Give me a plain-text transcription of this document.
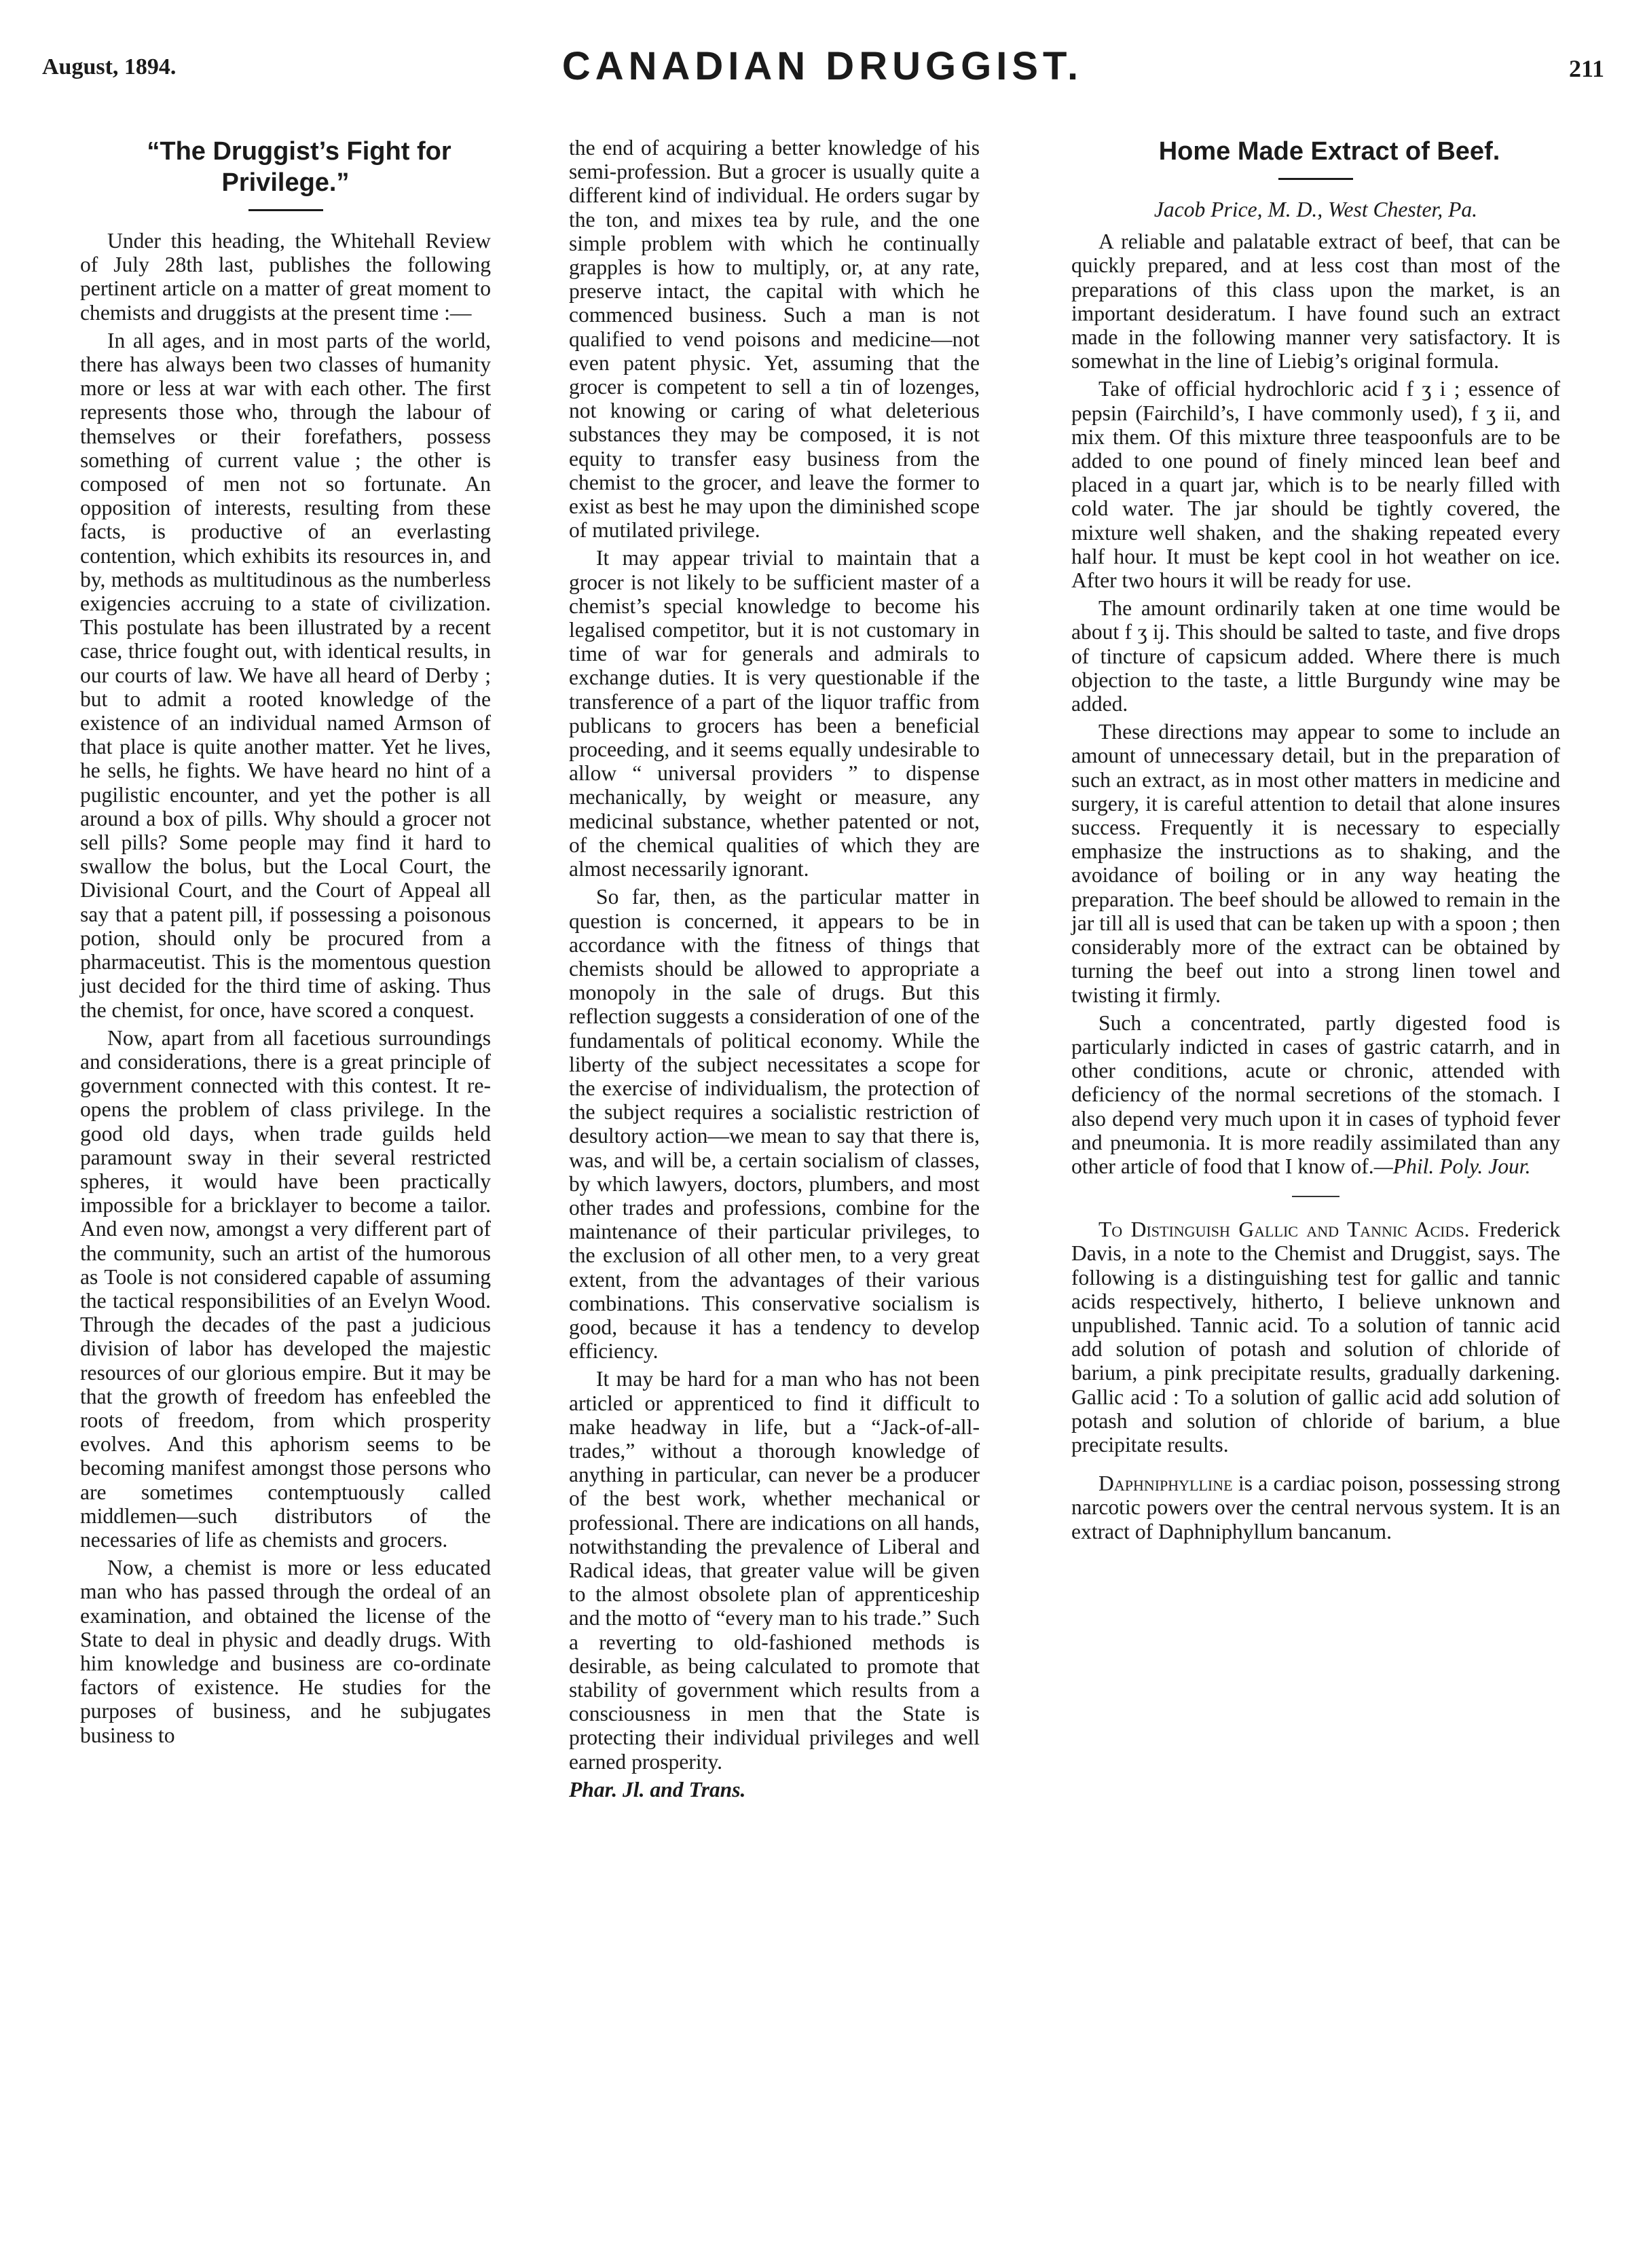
August, 1894.	CANADIAN DRUGGIST.	211

“The Druggist’s Fight for Privilege.”

Under this heading, the Whitehall Review of July 28th last, publishes the following pertinent article on a matter of great moment to chemists and druggists at the present time :—

In all ages, and in most parts of the world, there has always been two classes of humanity more or less at war with each other. The first represents those who, through the labour of themselves or their forefathers, possess something of current value ; the other is composed of men not so fortunate. An opposition of interests, resulting from these facts, is productive of an everlasting contention, which exhibits its resources in, and by, methods as multitudinous as the numberless exigencies accruing to a state of civilization. This postulate has been illustrated by a recent case, thrice fought out, with identical results, in our courts of law. We have all heard of Derby ; but to admit a rooted knowledge of the existence of an individual named Armson of that place is quite another matter. Yet he lives, he sells, he fights. We have heard no hint of a pugilistic encounter, and yet the pother is all around a box of pills. Why should a grocer not sell pills? Some people may find it hard to swallow the bolus, but the Local Court, the Divisional Court, and the Court of Appeal all say that a patent pill, if possessing a poisonous potion, should only be procured from a pharmaceutist. This is the momentous question just decided for the third time of asking. Thus the chemist, for once, have scored a conquest.

Now, apart from all facetious surroundings and considerations, there is a great principle of government connected with this contest. It re-opens the problem of class privilege. In the good old days, when trade guilds held paramount sway in their several restricted spheres, it would have been practically impossible for a bricklayer to become a tailor. And even now, amongst a very different part of the community, such an artist of the humorous as Toole is not considered capable of assuming the tactical responsibilities of an Evelyn Wood. Through the decades of the past a judicious division of labor has developed the majestic resources of our glorious empire. But it may be that the growth of freedom has enfeebled the roots of freedom, from which prosperity evolves. And this aphorism seems to be becoming manifest amongst those persons who are sometimes contemptuously called middlemen—such distributors of the necessaries of life as chemists and grocers.

Now, a chemist is more or less educated man who has passed through the ordeal of an examination, and obtained the license of the State to deal in physic and deadly drugs. With him knowledge and business are co-ordinate factors of existence. He studies for the purposes of business, and he subjugates business to

the end of acquiring a better knowledge of his semi-profession. But a grocer is usually quite a different kind of individual. He orders sugar by the ton, and mixes tea by rule, and the one simple problem with which he continually grapples is how to multiply, or, at any rate, preserve intact, the capital with which he commenced business. Such a man is not qualified to vend poisons and medicine—not even patent physic. Yet, assuming that the grocer is competent to sell a tin of lozenges, not knowing or caring of what deleterious substances they may be composed, it is not equity to transfer easy business from the chemist to the grocer, and leave the former to exist as best he may upon the diminished scope of mutilated privilege.

It may appear trivial to maintain that a grocer is not likely to be sufficient master of a chemist’s special knowledge to become his legalised competitor, but it is not customary in time of war for generals and admirals to exchange duties. It is very questionable if the transference of a part of the liquor traffic from publicans to grocers has been a beneficial proceeding, and it seems equally undesirable to allow “ universal providers ” to dispense mechanically, by weight or measure, any medicinal substance, whether patented or not, of the chemical qualities of which they are almost necessarily ignorant.

So far, then, as the particular matter in question is concerned, it appears to be in accordance with the fitness of things that chemists should be allowed to appropriate a monopoly in the sale of drugs. But this reflection suggests a consideration of one of the fundamentals of political economy. While the liberty of the subject necessitates a scope for the exercise of individualism, the protection of the subject requires a socialistic restriction of desultory action—we mean to say that there is, was, and will be, a certain socialism of classes, by which lawyers, doctors, plumbers, and most other trades and professions, combine for the maintenance of their particular privileges, to the exclusion of all other men, to a very great extent, from the advantages of their various combinations. This conservative socialism is good, because it has a tendency to develop efficiency.

It may be hard for a man who has not been articled or apprenticed to find it difficult to make headway in life, but a “Jack-of-all-trades,” without a thorough knowledge of anything in particular, can never be a producer of the best work, whether mechanical or professional. There are indications on all hands, notwithstanding the prevalence of Liberal and Radical ideas, that greater value will be given to the almost obsolete plan of apprenticeship and the motto of “every man to his trade.” Such a reverting to old-fashioned methods is desirable, as being calculated to promote that stability of government which results from a consciousness in men that the State is protecting their individual privileges and well earned prosperity.

Phar. Jl. and Trans.

Home Made Extract of Beef.

Jacob Price, M. D., West Chester, Pa.

A reliable and palatable extract of beef, that can be quickly prepared, and at less cost than most of the preparations of this class upon the market, is an important desideratum. I have found such an extract made in the following manner very satisfactory. It is somewhat in the line of Liebig’s original formula.

Take of official hydrochloric acid f ʒ i ; essence of pepsin (Fairchild’s, I have commonly used), f ʒ ii, and mix them. Of this mixture three teaspoonfuls are to be added to one pound of finely minced lean beef and placed in a quart jar, which is to be nearly filled with cold water. The jar should be tightly covered, the mixture well shaken, and the shaking repeated every half hour. It must be kept cool in hot weather on ice. After two hours it will be ready for use.

The amount ordinarily taken at one time would be about f ʒ ij. This should be salted to taste, and five drops of tincture of capsicum added. Where there is much objection to the taste, a little Burgundy wine may be added.

These directions may appear to some to include an amount of unnecessary detail, but in the preparation of such an extract, as in most other matters in medicine and surgery, it is careful attention to detail that alone insures success. Frequently it is necessary to especially emphasize the instructions as to shaking, and the avoidance of boiling or in any way heating the preparation. The beef should be allowed to remain in the jar till all is used that can be taken up with a spoon ; then considerably more of the extract can be obtained by turning the beef out into a strong linen towel and twisting it firmly.

Such a concentrated, partly digested food is particularly indicted in cases of gastric catarrh, and in other conditions, acute or chronic, attended with deficiency of the normal secretions of the stomach. I also depend very much upon it in cases of typhoid fever and pneumonia. It is more readily assimilated than any other article of food that I know of.—Phil. Poly. Jour.

To Distinguish Gallic and Tannic Acids. Frederick Davis, in a note to the Chemist and Druggist, says. The following is a distinguishing test for gallic and tannic acids respectively, hitherto, I believe unknown and unpublished. Tannic acid. To a solution of tannic acid add solution of potash and solution of chloride of barium, a pink precipitate results, gradually darkening. Gallic acid : To a solution of gallic acid add solution of potash and solution of chloride of barium, a blue precipitate results.

Daphniphylline is a cardiac poison, possessing strong narcotic powers over the central nervous system. It is an extract of Daphniphyllum bancanum.
